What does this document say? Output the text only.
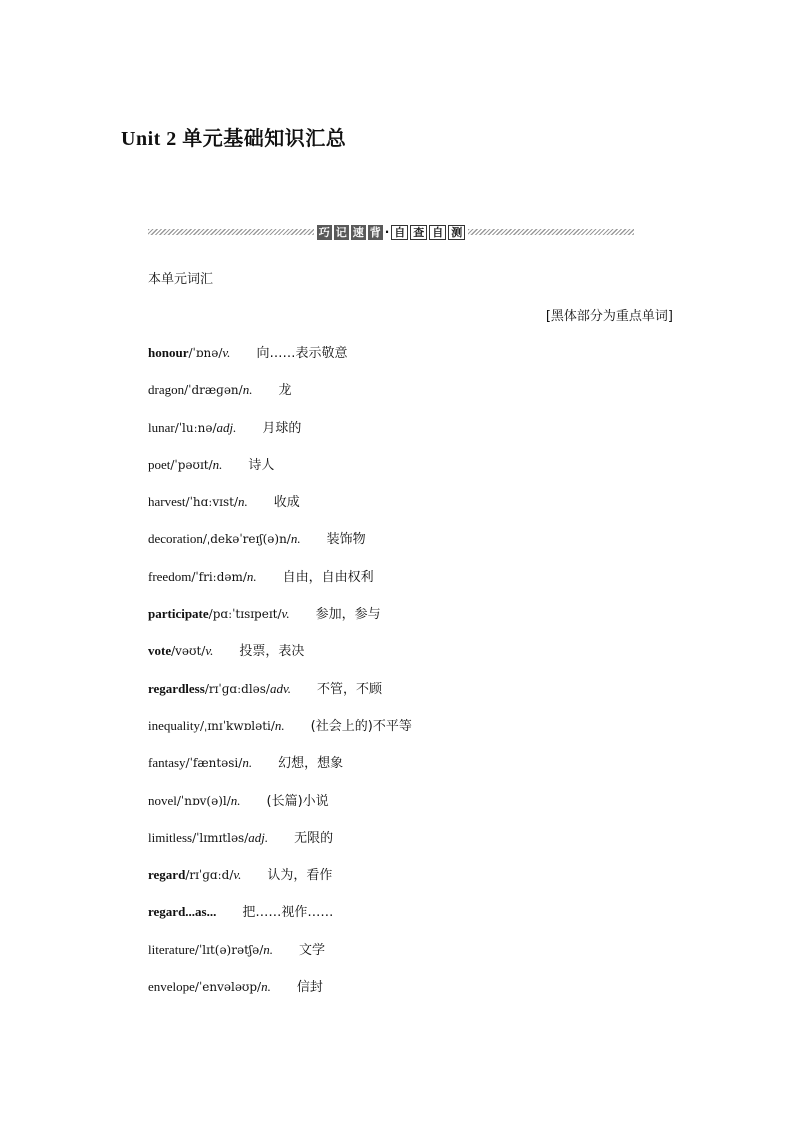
Unit 2 单元基础知识汇总
巧 记 速 背 · 自 查 自 测
本单元词汇
[黑体部分为重点单词]
honour /ˈɒnə/ v. 向……表示敬意
dragon /ˈdræɡən/ n. 龙
lunar /ˈluːnə/ adj. 月球的
poet /ˈpəʊɪt/ n. 诗人
harvest /ˈhɑːvɪst/ n. 收成
decoration /ˌdekəˈreɪʃ(ə)n/ n. 装饰物
freedom /ˈfriːdəm/ n. 自由，自由权利
participate /pɑːˈtɪsɪpeɪt/ v. 参加，参与
vote /vəʊt/ v. 投票，表决
regardless /rɪˈɡɑːdləs/ adv. 不管，不顾
inequality /ˌɪnɪˈkwɒləti/ n. (社会上的)不平等
fantasy /ˈfæntəsi/ n. 幻想，想象
novel /ˈnɒv(ə)l/ n. (长篇)小说
limitless /ˈlɪmɪtləs/ adj. 无限的
regard /rɪˈɡɑːd/ v. 认为，看作
regard...as... 把……视作……
literature /ˈlɪt(ə)rətʃə/ n. 文学
envelope /ˈenvələʊp/ n. 信封
